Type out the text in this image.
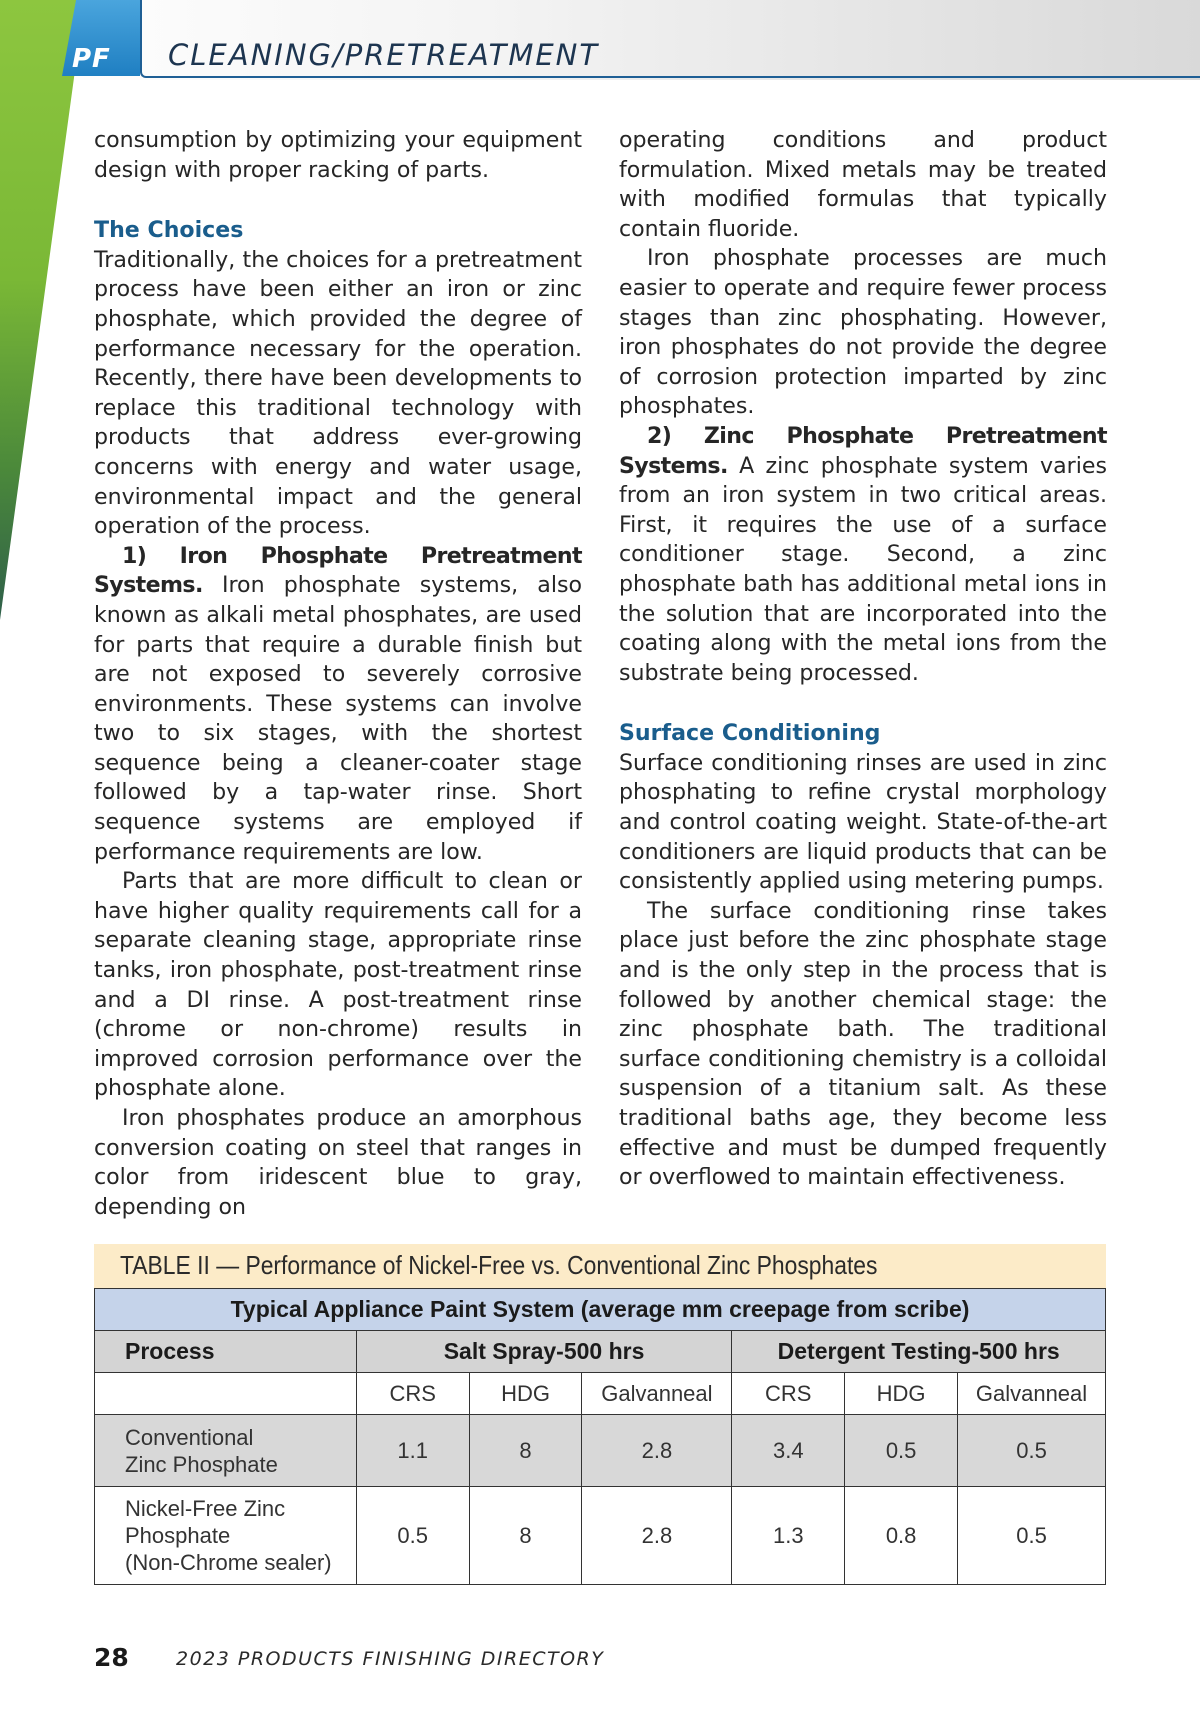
PF	CLEANING/PRETREATMENT

consumption by optimizing your equipment design with proper racking of parts.

The Choices

Traditionally, the choices for a pretreatment process have been either an iron or zinc phosphate, which provided the degree of performance necessary for the operation. Recently, there have been developments to replace this traditional technology with products that address ever-growing concerns with energy and water usage, environmental impact and the general operation of the process.

1) Iron Phosphate Pretreatment Systems. Iron phosphate systems, also known as alkali metal phosphates, are used for parts that require a durable finish but are not exposed to severely corrosive environments. These systems can involve two to six stages, with the shortest sequence being a cleaner-coater stage followed by a tap-water rinse. Short sequence systems are employed if performance requirements are low.

Parts that are more difficult to clean or have higher quality requirements call for a separate cleaning stage, appropriate rinse tanks, iron phosphate, post-treatment rinse and a DI rinse. A post-treatment rinse (chrome or non-chrome) results in improved corrosion performance over the phosphate alone.

Iron phosphates produce an amorphous conversion coating on steel that ranges in color from iridescent blue to gray, depending on

operating conditions and product formulation. Mixed metals may be treated with modified formulas that typically contain fluoride.

Iron phosphate processes are much easier to operate and require fewer process stages than zinc phosphating. However, iron phosphates do not provide the degree of corrosion protection imparted by zinc phosphates.

2) Zinc Phosphate Pretreatment Systems. A zinc phosphate system varies from an iron system in two critical areas. First, it requires the use of a surface conditioner stage. Second, a zinc phosphate bath has additional metal ions in the solution that are incorporated into the coating along with the metal ions from the substrate being processed.

Surface Conditioning

Surface conditioning rinses are used in zinc phosphating to refine crystal morphology and control coating weight. State-of-the-art conditioners are liquid products that can be consistently applied using metering pumps.

The surface conditioning rinse takes place just before the zinc phosphate stage and is the only step in the process that is followed by another chemical stage: the zinc phosphate bath. The traditional surface conditioning chemistry is a colloidal suspension of a titanium salt. As these traditional baths age, they become less effective and must be dumped frequently or overflowed to maintain effectiveness.

TABLE II — Performance of Nickel-Free vs. Conventional Zinc Phosphates
Typical Appliance Paint System (average mm creepage from scribe)						
Process	Salt Spray-500 hrs			Detergent Testing-500 hrs		
	CRS	HDG	Galvanneal	CRS	HDG	Galvanneal
Conventional
Zinc Phosphate	1.1	8	2.8	3.4	0.5	0.5
Nickel-Free Zinc
Phosphate
(Non-Chrome sealer)	0.5	8	2.8	1.3	0.8	0.5
28 2023 PRODUCTS FINISHING DIRECTORY
